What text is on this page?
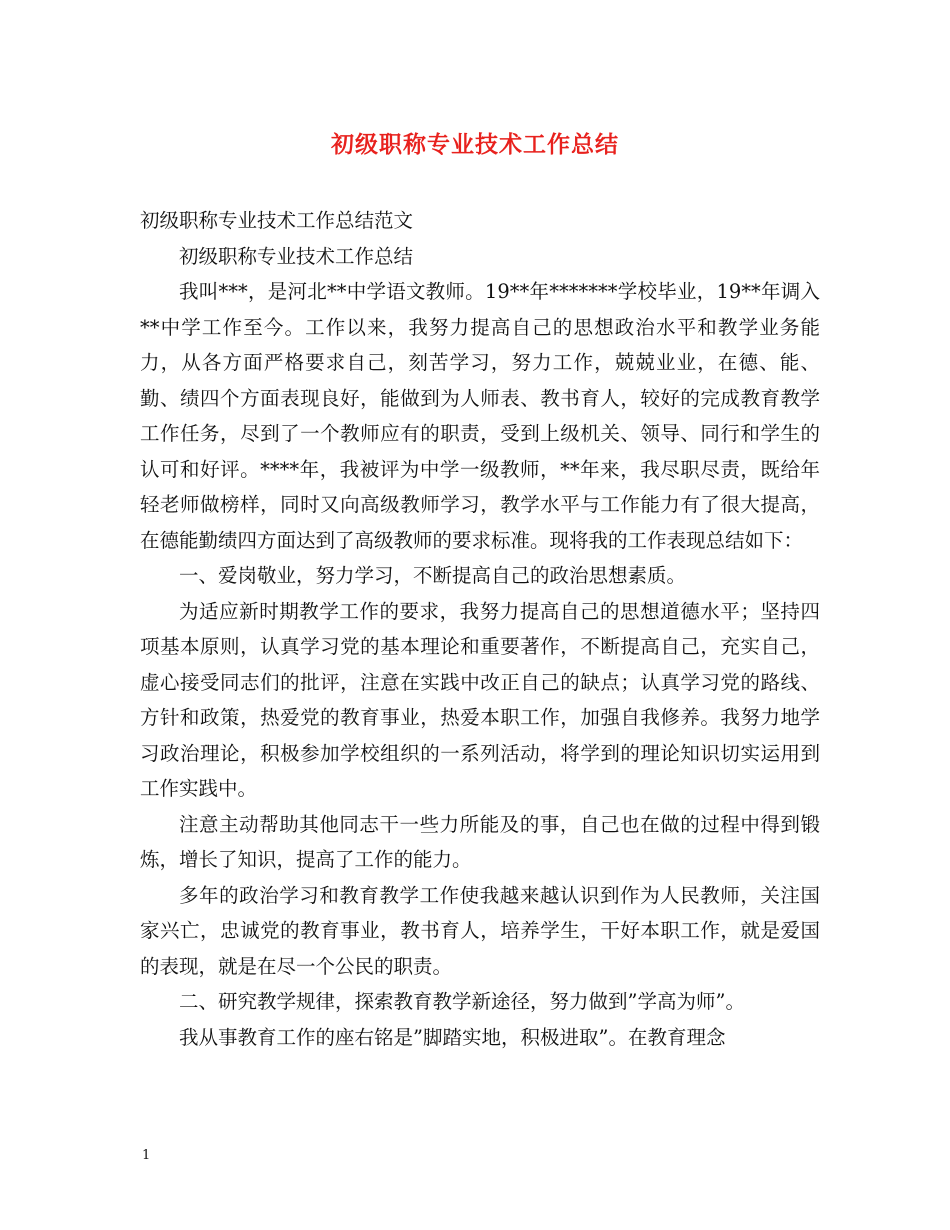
初级职称专业技术工作总结

初级职称专业技术工作总结范文

初级职称专业技术工作总结

我叫***，是河北**中学语文教师。19**年*******学校毕业，19**年调入**中学工作至今。工作以来，我努力提高自己的思想政治水平和教学业务能力，从各方面严格要求自己，刻苦学习，努力工作，兢兢业业，在德、能、勤、绩四个方面表现良好，能做到为人师表、教书育人，较好的完成教育教学工作任务，尽到了一个教师应有的职责，受到上级机关、领导、同行和学生的认可和好评。****年，我被评为中学一级教师，**年来，我尽职尽责，既给年轻老师做榜样，同时又向高级教师学习，教学水平与工作能力有了很大提高，在德能勤绩四方面达到了高级教师的要求标准。现将我的工作表现总结如下：

一、爱岗敬业，努力学习，不断提高自己的政治思想素质。

为适应新时期教学工作的要求，我努力提高自己的思想道德水平；坚持四项基本原则，认真学习党的基本理论和重要著作，不断提高自己，充实自己，虚心接受同志们的批评，注意在实践中改正自己的缺点；认真学习党的路线、方针和政策，热爱党的教育事业，热爱本职工作，加强自我修养。我努力地学习政治理论，积极参加学校组织的一系列活动，将学到的理论知识切实运用到工作实践中。

注意主动帮助其他同志干一些力所能及的事，自己也在做的过程中得到锻炼，增长了知识，提高了工作的能力。

多年的政治学习和教育教学工作使我越来越认识到作为人民教师，关注国家兴亡，忠诚党的教育事业，教书育人，培养学生，干好本职工作，就是爱国的表现，就是在尽一个公民的职责。

二、研究教学规律，探索教育教学新途径，努力做到”学高为师”。

我从事教育工作的座右铭是”脚踏实地，积极进取”。在教育理念

1
